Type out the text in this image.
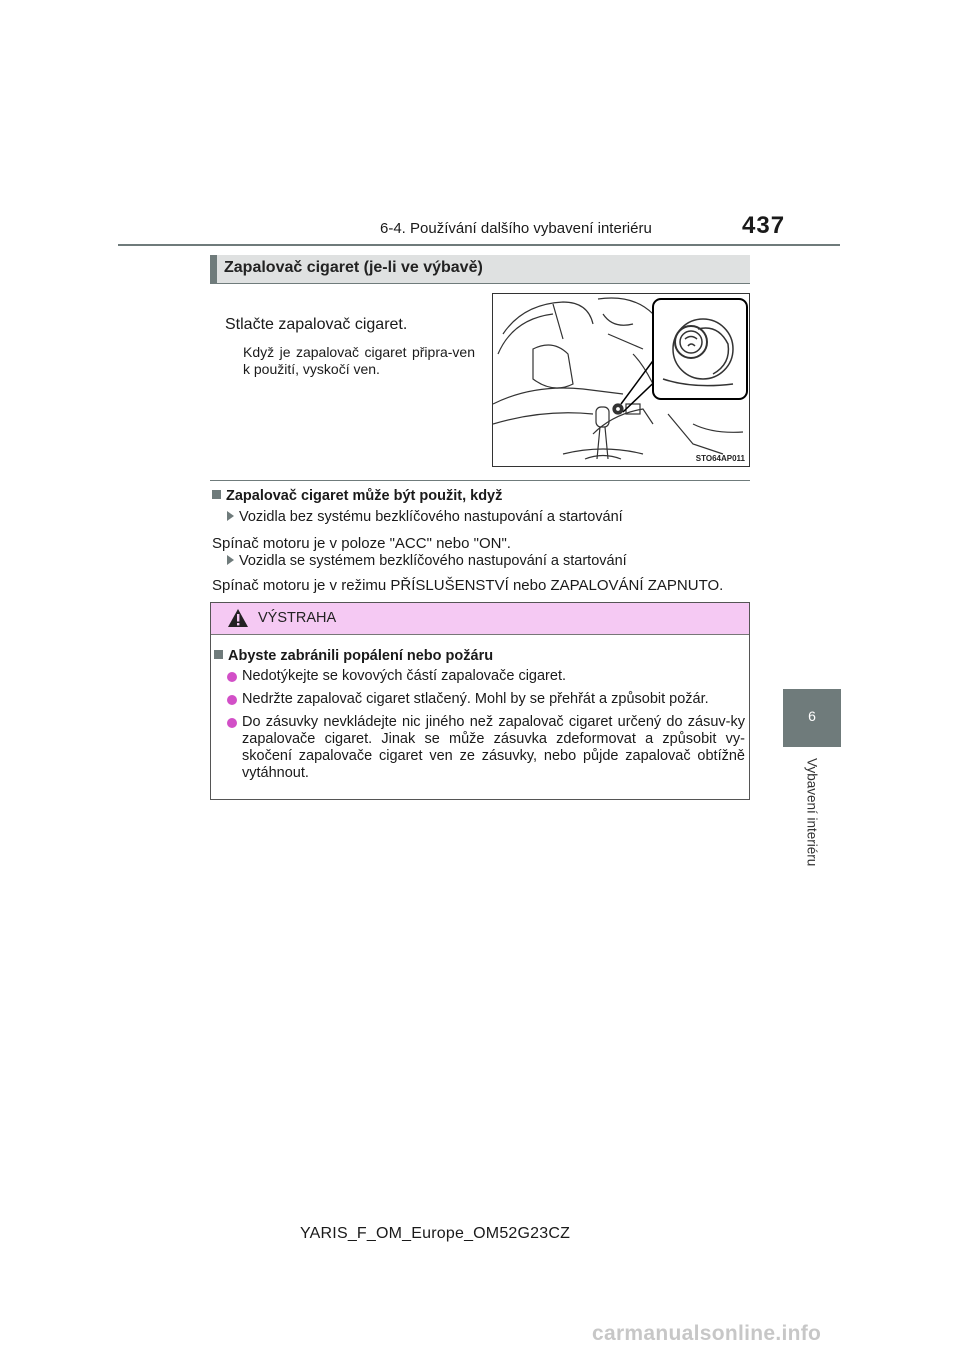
6-4. Používání dalšího vybavení interiéru	437
6
Vybavení interiéru
Zapalovač cigaret (je-li ve výbavě)
Stlačte zapalovač cigaret.
Když je zapalovač cigaret připra-ven k použití, vyskočí ven.
STO64AP011
Zapalovač cigaret může být použit, když
Vozidla bez systému bezklíčového nastupování a startování
Spínač motoru je v poloze "ACC" nebo "ON".
Vozidla se systémem bezklíčového nastupování a startování
Spínač motoru je v režimu PŘÍSLUŠENSTVÍ nebo ZAPALOVÁNÍ ZAPNUTO.
VÝSTRAHA
Abyste zabránili popálení nebo požáru
Nedotýkejte se kovových částí zapalovače cigaret.
Nedržte zapalovač cigaret stlačený. Mohl by se přehřát a způsobit požár.
Do zásuvky nevkládejte nic jiného než zapalovač cigaret určený do zásuv-ky zapalovače cigaret. Jinak se může zásuvka zdeformovat a způsobit vy-skočení zapalovače cigaret ven ze zásuvky, nebo půjde zapalovač obtížně vytáhnout.
YARIS_F_OM_Europe_OM52G23CZ
carmanualsonline.info
